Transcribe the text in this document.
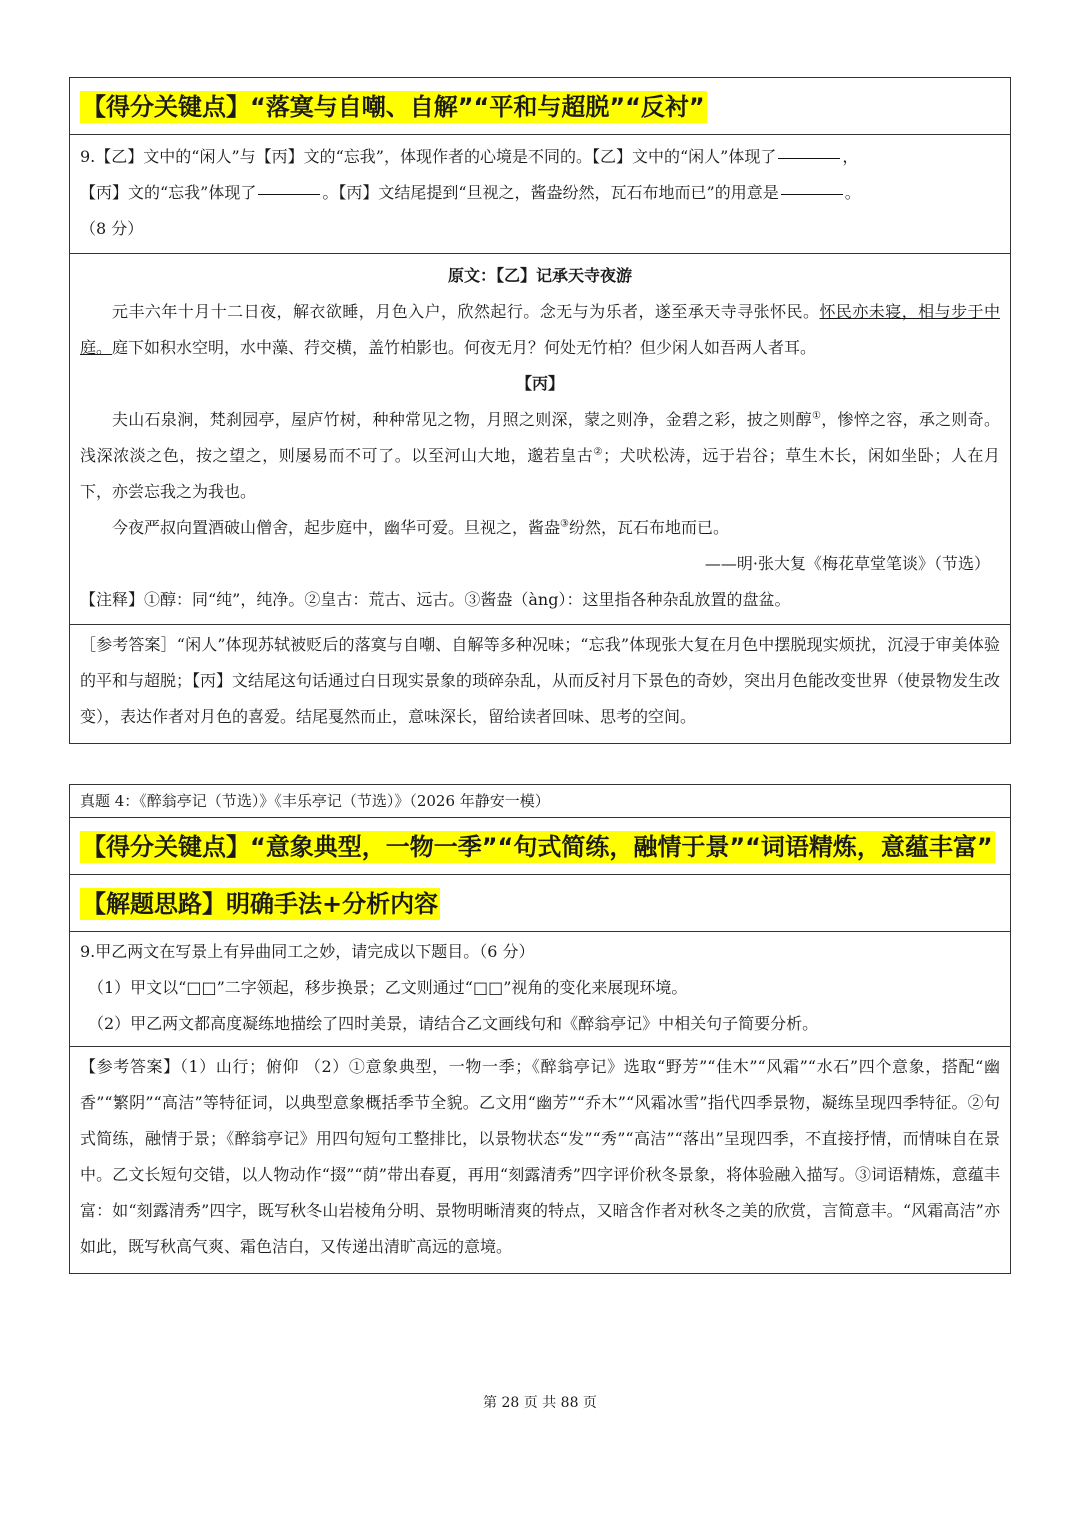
【得分关键点】“落寞与自嘲、自解”“平和与超脱”“反衬”
9.【乙】文中的“闲人”与【丙】文的“忘我”，体现作者的心境是不同的。【乙】文中的“闲人”体现了	，
【丙】文的“忘我”体现了	。【丙】文结尾提到“旦视之，酱盎纷然，瓦石布地而已”的用意是	。
（8 分）
原文：【乙】记承天寺夜游

元丰六年十月十二日夜，解衣欲睡，月色入户，欣然起行。念无与为乐者，遂至承天寺寻张怀民。怀民亦未寝，相与步于中庭。庭下如积水空明，水中藻、荇交横，盖竹柏影也。何夜无月？何处无竹柏？但少闲人如吾两人者耳。

【丙】

夫山石泉涧，梵刹园亭，屋庐竹树，种种常见之物，月照之则深，蒙之则净，金碧之彩，披之则醇①，惨悴之容，承之则奇。浅深浓淡之色，按之望之，则屡易而不可了。以至河山大地，邈若皇古②；犬吠松涛，远于岩谷；草生木长，闲如坐卧；人在月下，亦尝忘我之为我也。

今夜严叔向置酒破山僧舍，起步庭中，幽华可爱。旦视之，酱盎③纷然，瓦石布地而已。

——明·张大复《梅花草堂笔谈》（节选）
【注释】①醇：同“纯”，纯净。②皇古：荒古、远古。③酱盎（àng）：这里指各种杂乱放置的盘盆。
［参考答案］“闲人”体现苏轼被贬后的落寞与自嘲、自解等多种况味；“忘我”体现张大复在月色中摆脱现实烦扰，沉浸于审美体验的平和与超脱；【丙】文结尾这句话通过白日现实景象的琐碎杂乱，从而反衬月下景色的奇妙，突出月色能改变世界（使景物发生改变），表达作者对月色的喜爱。结尾戛然而止，意味深长，留给读者回味、思考的空间。
真题 4：《醉翁亭记（节选）》《丰乐亭记（节选）》（2026 年静安一模）
【得分关键点】“意象典型，一物一季”“句式简练，融情于景”“词语精炼，意蕴丰富”
【解题思路】明确手法+分析内容
9.甲乙两文在写景上有异曲同工之妙，请完成以下题目。（6 分）
（1）甲文以“□□”二字领起，移步换景；乙文则通过“□□”视角的变化来展现环境。
（2）甲乙两文都高度凝练地描绘了四时美景，请结合乙文画线句和《醉翁亭记》中相关句子简要分析。
【参考答案】（1）山行；俯仰 （2）①意象典型，一物一季；《醉翁亭记》选取“野芳”“佳木”“风霜”“水石”四个意象，搭配“幽香”“繁阴”“高洁”等特征词，以典型意象概括季节全貌。乙文用“幽芳”“乔木”“风霜冰雪”指代四季景物，凝练呈现四季特征。②句式简练，融情于景；《醉翁亭记》用四句短句工整排比，以景物状态“发”“秀”“高洁”“落出”呈现四季，不直接抒情，而情味自在景中。乙文长短句交错，以人物动作“掇”“荫”带出春夏，再用“刻露清秀”四字评价秋冬景象，将体验融入描写。③词语精炼，意蕴丰富：如“刻露清秀”四字，既写秋冬山岩棱角分明、景物明晰清爽的特点，又暗含作者对秋冬之美的欣赏，言简意丰。“风霜高洁”亦如此，既写秋高气爽、霜色洁白，又传递出清旷高远的意境。
第 28 页 共 88 页
